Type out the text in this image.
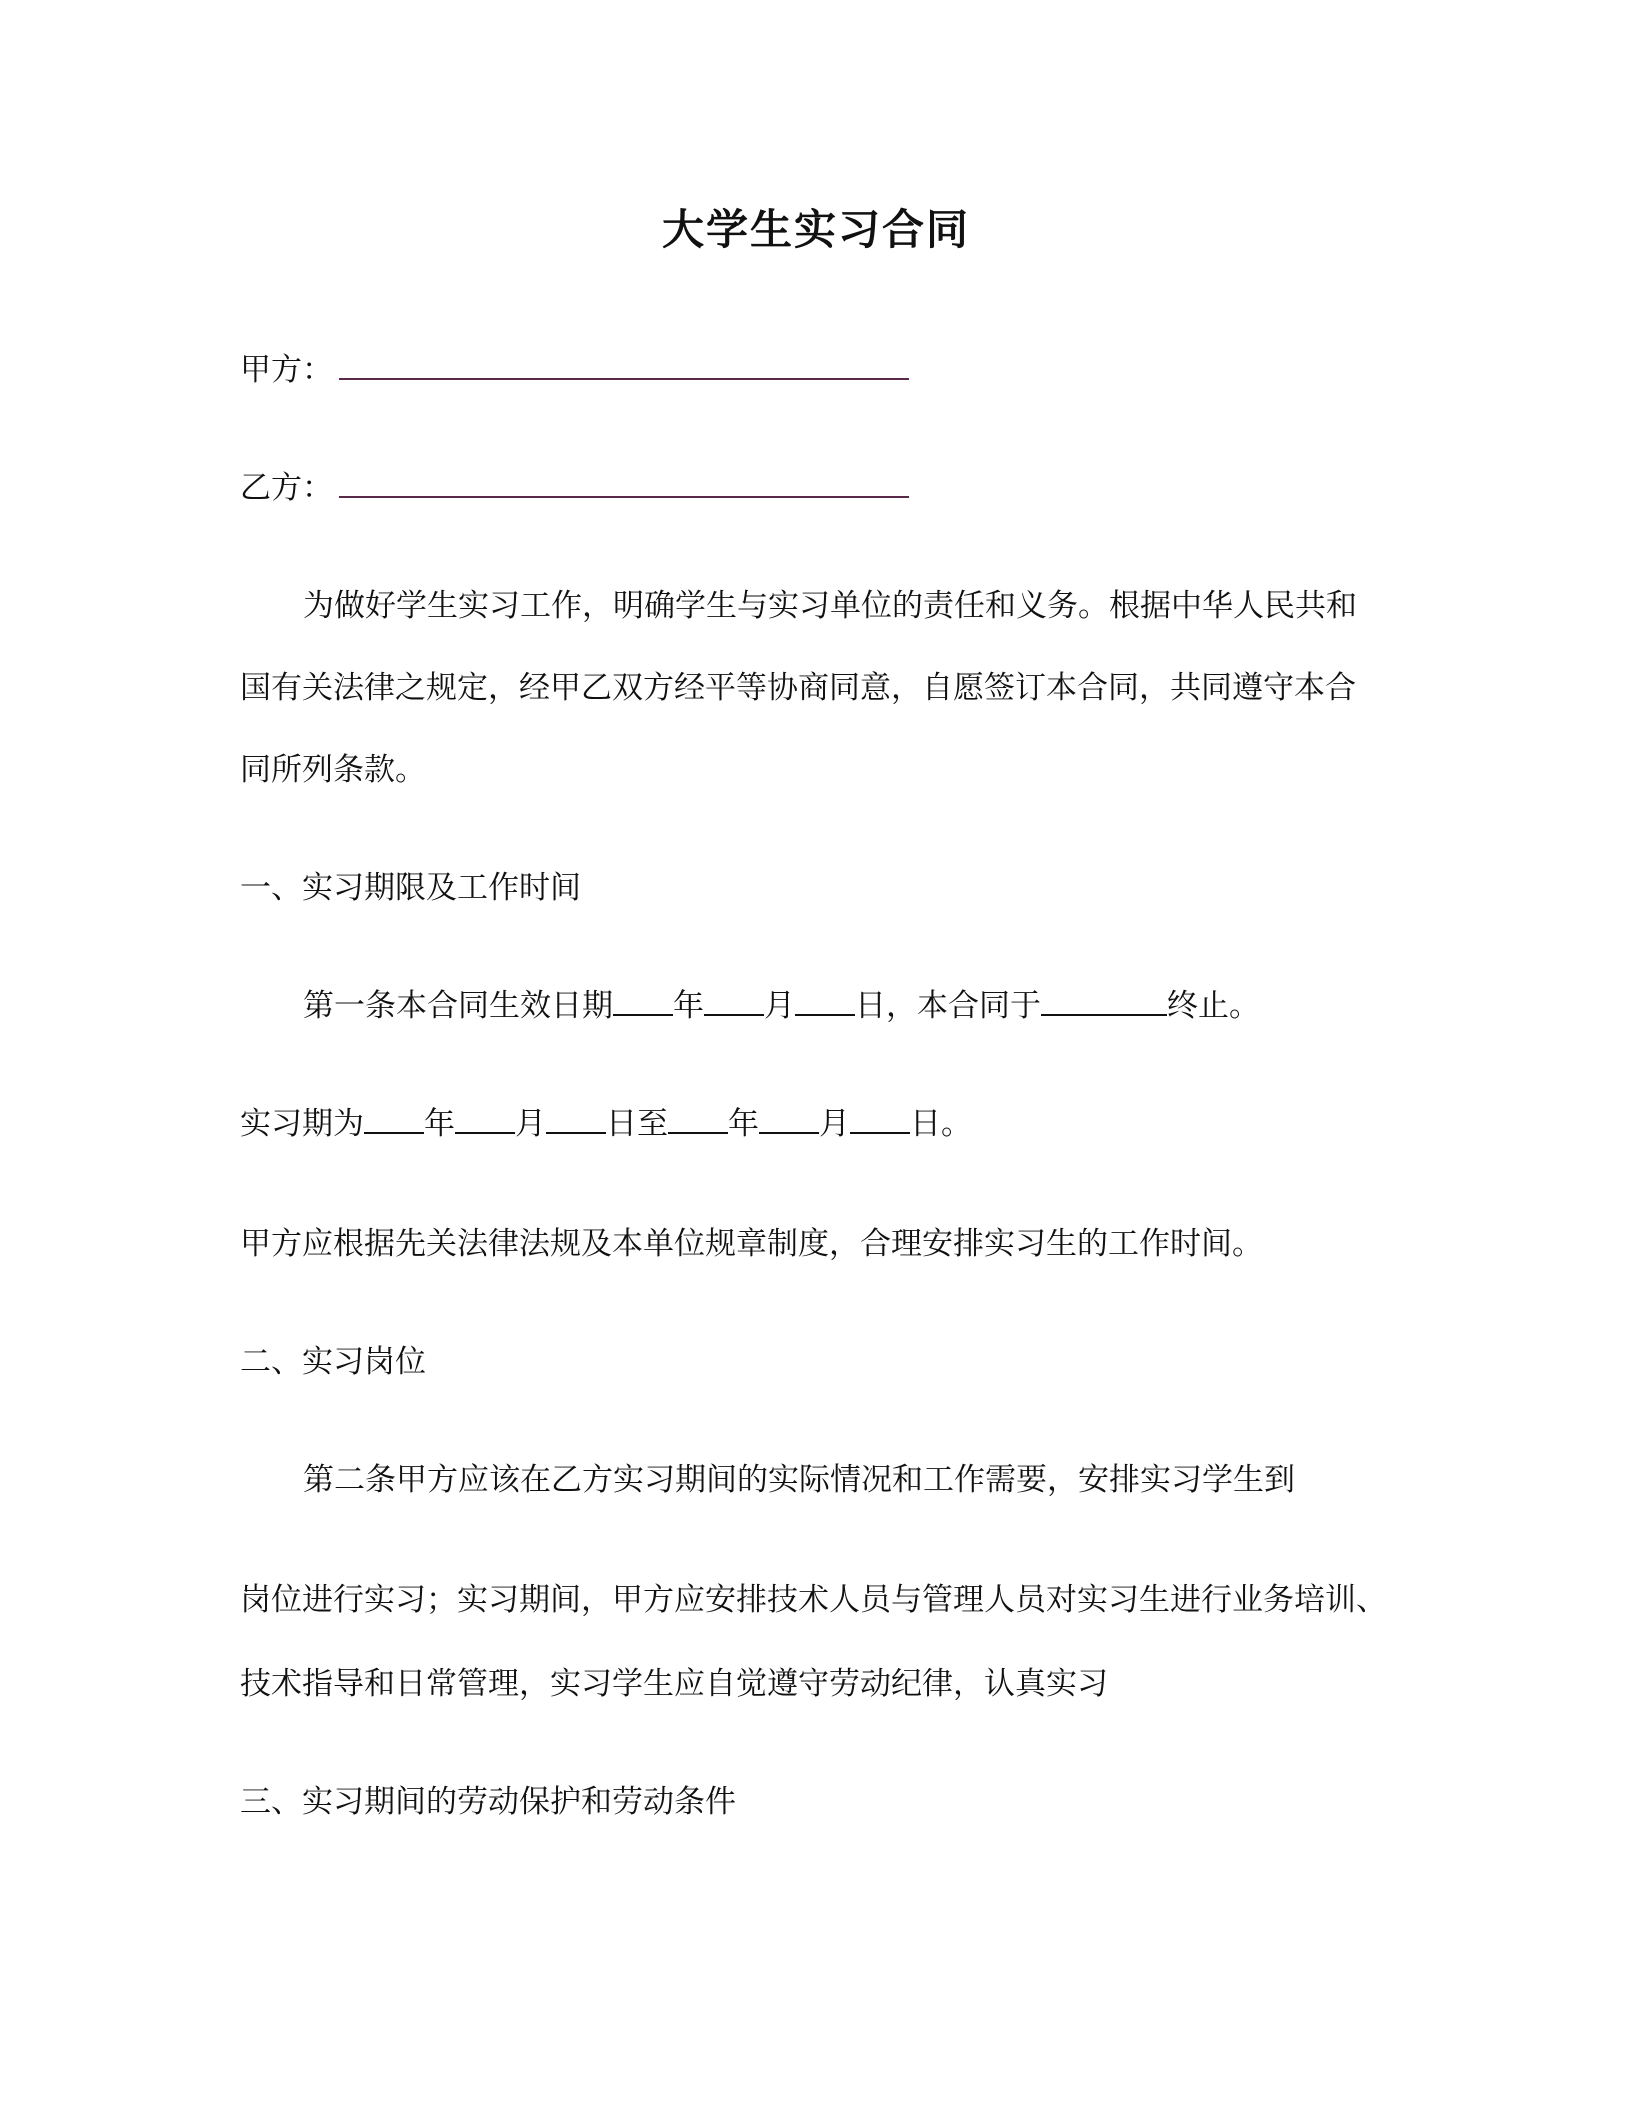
大学生实习合同
甲方：
乙方：
为做好学生实习工作，明确学生与实习单位的责任和义务。根据中华人民共和
国有关法律之规定，经甲乙双方经平等协商同意，自愿签订本合同，共同遵守本合
同所列条款。
一、实习期限及工作时间
第一条本合同生效日期 年 月 日，本合同于	终止。
实习期为 年 月 日至 年 月 日。
甲方应根据先关法律法规及本单位规章制度，合理安排实习生的工作时间。
二、实习岗位
第二条甲方应该在乙方实习期间的实际情况和工作需要，安排实习学生到
岗位进行实习；实习期间，甲方应安排技术人员与管理人员对实习生进行业务培训、
技术指导和日常管理，实习学生应自觉遵守劳动纪律，认真实习
三、实习期间的劳动保护和劳动条件
